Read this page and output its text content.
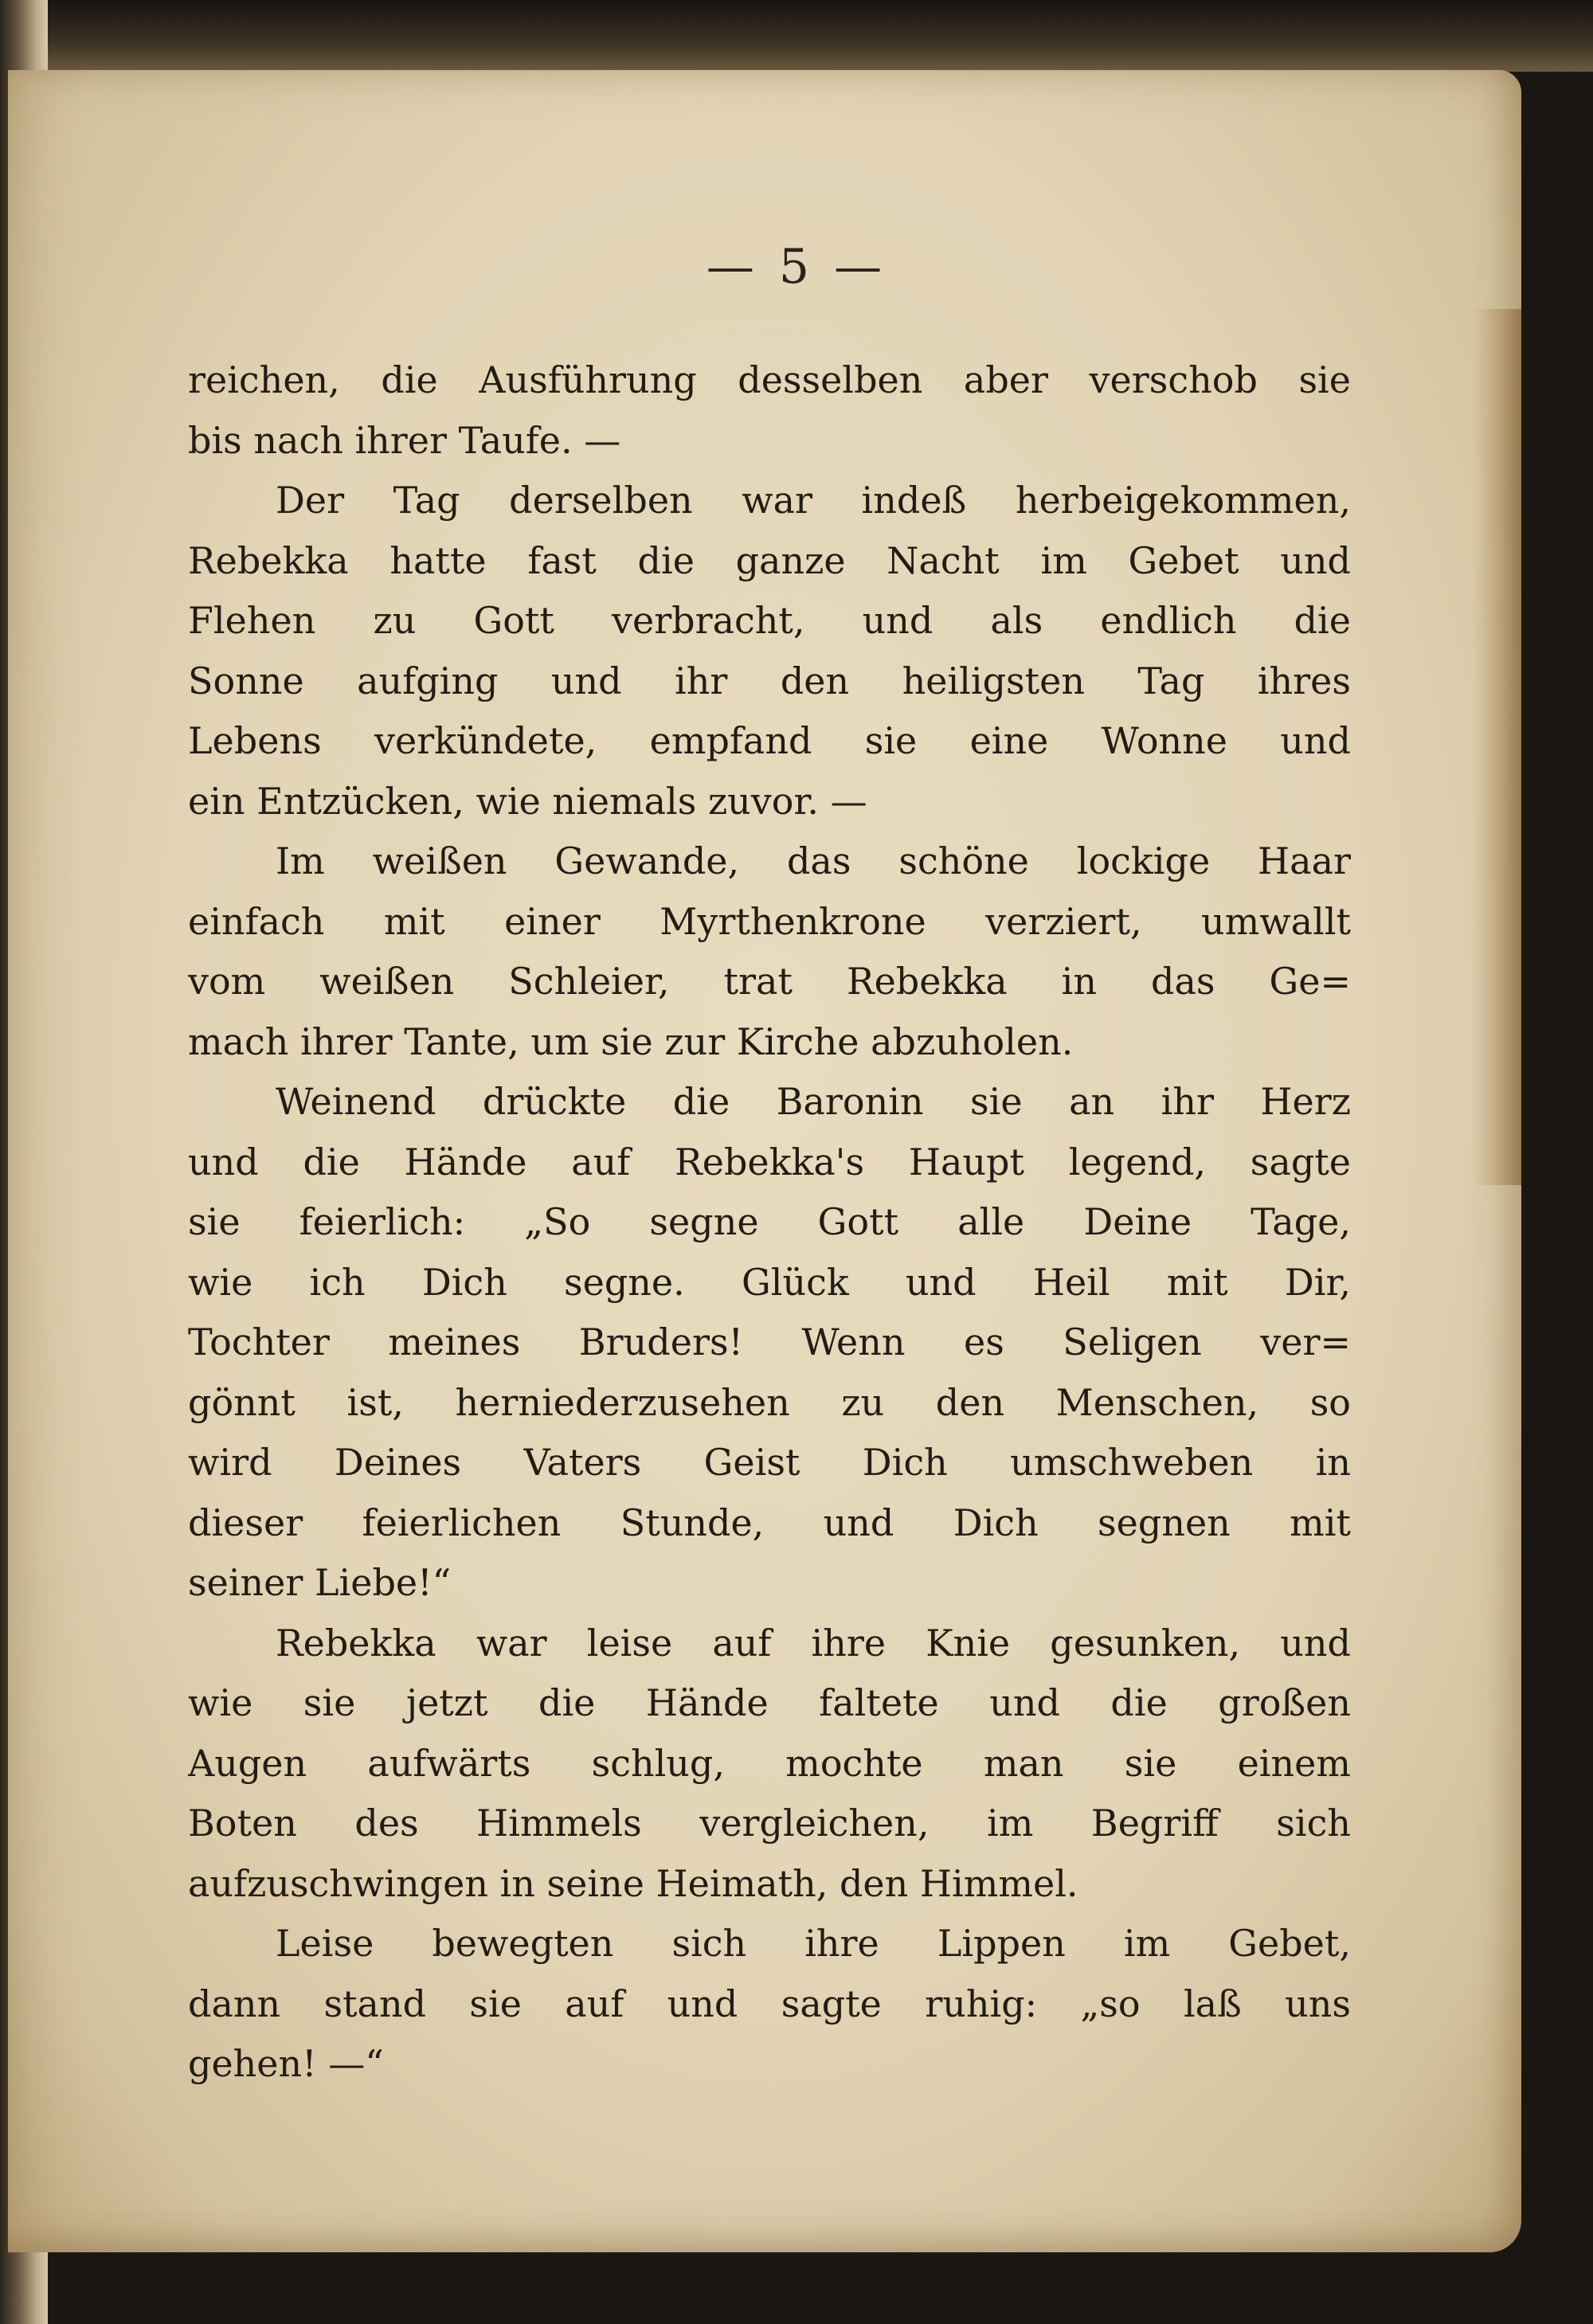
— 5 —
reichen, die Ausführung desselben aber verschob sie
bis nach ihrer Taufe. —
Der Tag derselben war indeß herbeigekommen,
Rebekka hatte fast die ganze Nacht im Gebet und
Flehen zu Gott verbracht, und als endlich die
Sonne aufging und ihr den heiligsten Tag ihres
Lebens verkündete, empfand sie eine Wonne und
ein Entzücken, wie niemals zuvor. —
Im weißen Gewande, das schöne lockige Haar
einfach mit einer Myrthenkrone verziert, umwallt
vom weißen Schleier, trat Rebekka in das Ge=
mach ihrer Tante, um sie zur Kirche abzuholen.
Weinend drückte die Baronin sie an ihr Herz
und die Hände auf Rebekka's Haupt legend, sagte
sie feierlich: „So segne Gott alle Deine Tage,
wie ich Dich segne. Glück und Heil mit Dir,
Tochter meines Bruders! Wenn es Seligen ver=
gönnt ist, herniederzusehen zu den Menschen, so
wird Deines Vaters Geist Dich umschweben in
dieser feierlichen Stunde, und Dich segnen mit
seiner Liebe!“
Rebekka war leise auf ihre Knie gesunken, und
wie sie jetzt die Hände faltete und die großen
Augen aufwärts schlug, mochte man sie einem
Boten des Himmels vergleichen, im Begriff sich
aufzuschwingen in seine Heimath, den Himmel.
Leise bewegten sich ihre Lippen im Gebet,
dann stand sie auf und sagte ruhig: „so laß uns
gehen! —“
